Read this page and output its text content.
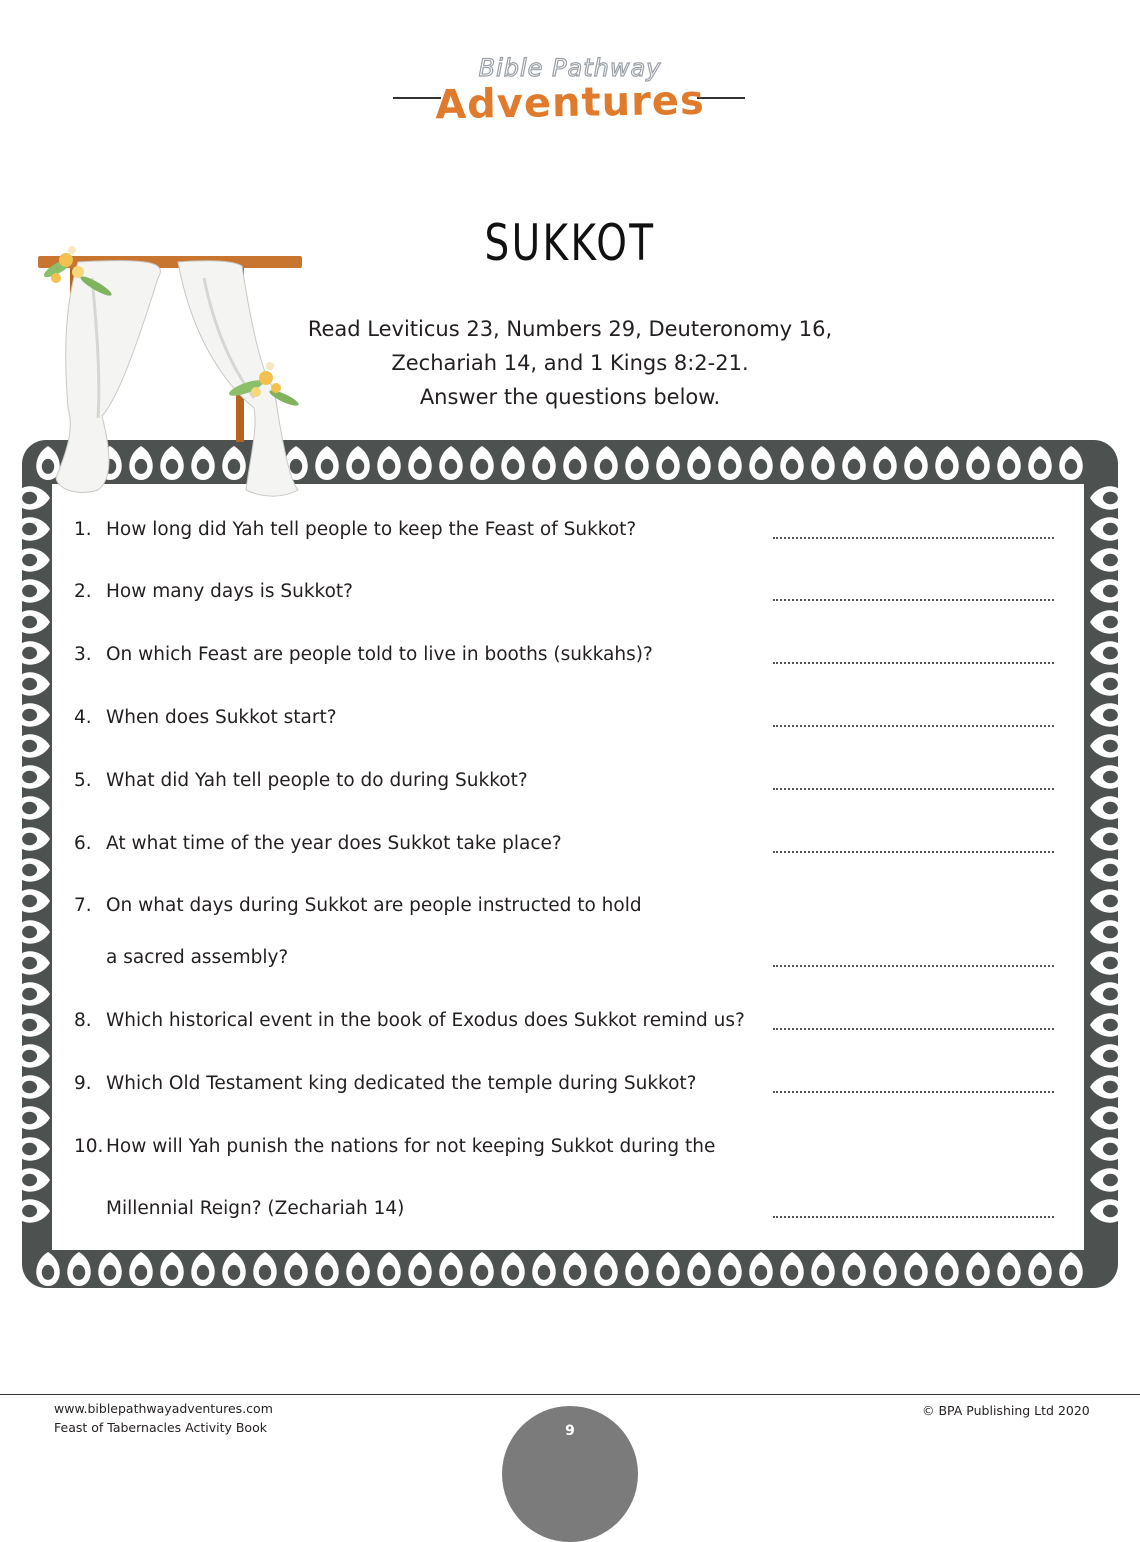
Bible Pathway
Adventures
SUKKOT
Read Leviticus 23, Numbers 29, Deuteronomy 16,
Zechariah 14, and 1 Kings 8:2-21.
Answer the questions below.
1. How long did Yah tell people to keep the Feast of Sukkot?
2. How many days is Sukkot?
3. On which Feast are people told to live in booths (sukkahs)?
4. When does Sukkot start?
5. What did Yah tell people to do during Sukkot?
6. At what time of the year does Sukkot take place?
7. On what days during Sukkot are people instructed to hold
a sacred assembly?
8. Which historical event in the book of Exodus does Sukkot remind us?
9. Which Old Testament king dedicated the temple during Sukkot?
10. How will Yah punish the nations for not keeping Sukkot during the
Millennial Reign? (Zechariah 14)
www.biblepathwayadventures.com
Feast of Tabernacles Activity Book
© BPA Publishing Ltd 2020
9
